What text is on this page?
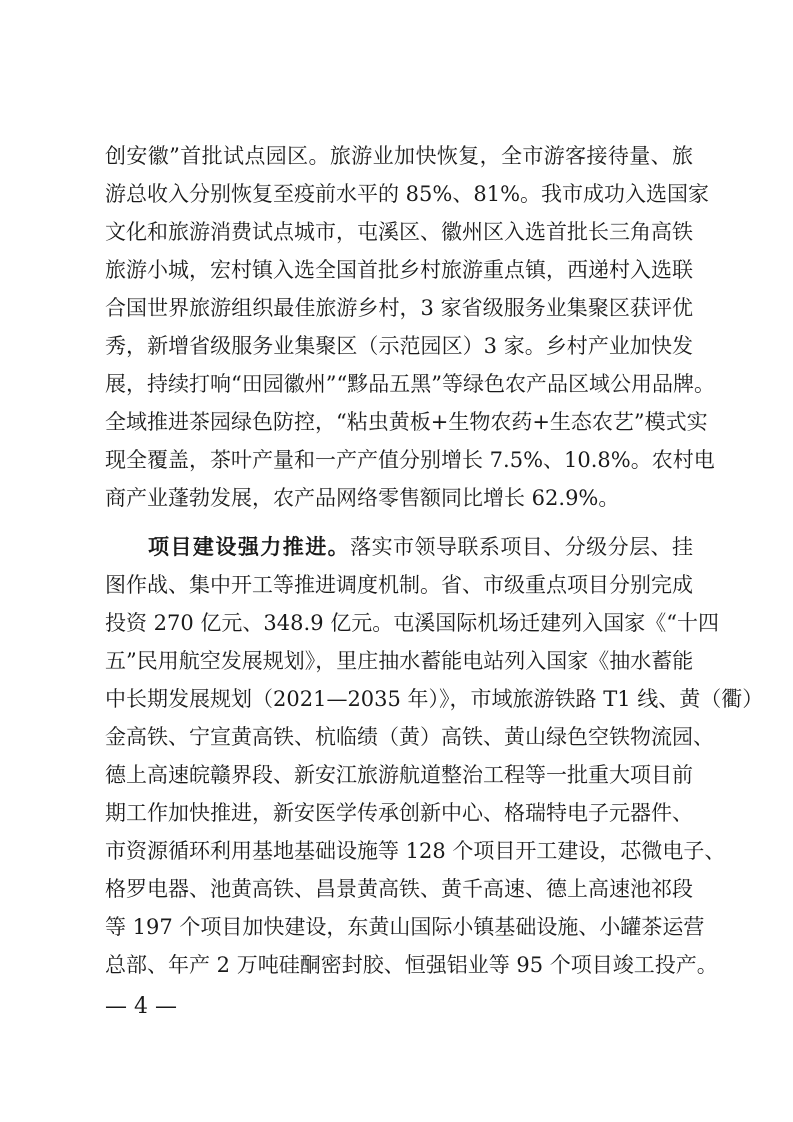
创安徽”首批试点园区。旅游业加快恢复，全市游客接待量、旅
游总收入分别恢复至疫前水平的 85%、81%。我市成功入选国家
文化和旅游消费试点城市，屯溪区、徽州区入选首批长三角高铁
旅游小城，宏村镇入选全国首批乡村旅游重点镇，西递村入选联
合国世界旅游组织最佳旅游乡村，3 家省级服务业集聚区获评优
秀，新增省级服务业集聚区（示范园区）3 家。乡村产业加快发
展，持续打响“田园徽州”“黟品五黑”等绿色农产品区域公用品牌。
全域推进茶园绿色防控，“粘虫黄板+生物农药+生态农艺”模式实
现全覆盖，茶叶产量和一产产值分别增长 7.5%、10.8%。农村电
商产业蓬勃发展，农产品网络零售额同比增长 62.9%。
项目建设强力推进。落实市领导联系项目、分级分层、挂
图作战、集中开工等推进调度机制。省、市级重点项目分别完成
投资 270 亿元、348.9 亿元。屯溪国际机场迁建列入国家《“十四
五”民用航空发展规划》，里庄抽水蓄能电站列入国家《抽水蓄能
中长期发展规划（2021—2035 年）》，市域旅游铁路 T1 线、黄（衢）
金高铁、宁宣黄高铁、杭临绩（黄）高铁、黄山绿色空铁物流园、
德上高速皖赣界段、新安江旅游航道整治工程等一批重大项目前
期工作加快推进，新安医学传承创新中心、格瑞特电子元器件、
市资源循环利用基地基础设施等 128 个项目开工建设，芯微电子、
格罗电器、池黄高铁、昌景黄高铁、黄千高速、德上高速池祁段
等 197 个项目加快建设，东黄山国际小镇基础设施、小罐茶运营
总部、年产 2 万吨硅酮密封胶、恒强铝业等 95 个项目竣工投产。
— 4 —
